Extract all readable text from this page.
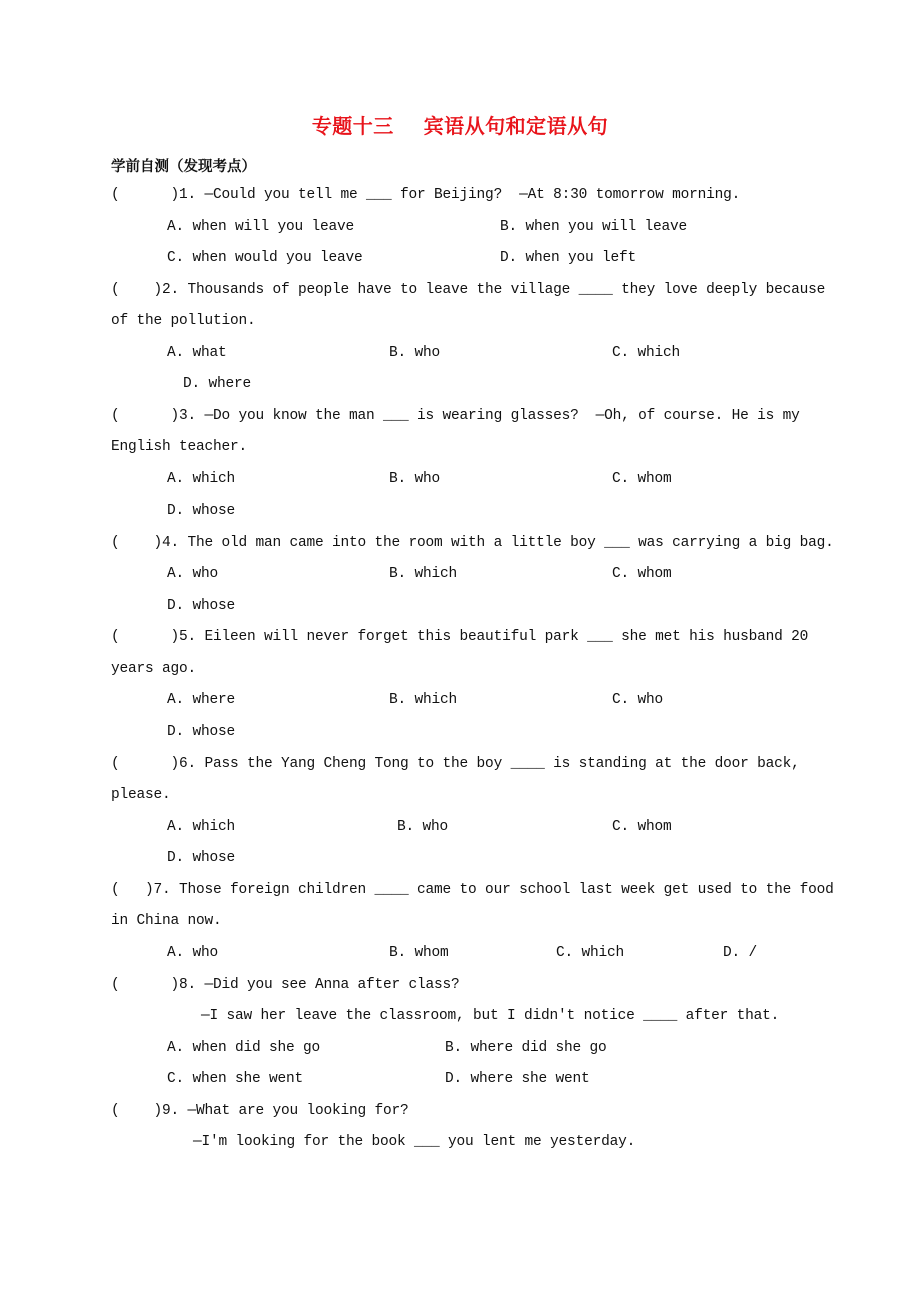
专题十三    宾语从句和定语从句
学前自测（发现考点）
(      )1. —Could you tell me ___ for Beijing?  —At 8:30 tomorrow morning.
A. when will you leave	B. when you will leave
C. when would you leave	D. when you left
(    )2. Thousands of people have to leave the village ____ they love deeply because
of the pollution.
A. what	B. who	C. which
D. where
(      )3. —Do you know the man ___ is wearing glasses?  —Oh, of course. He is my
English teacher.
A. which	B. who	C. whom
D. whose
(    )4. The old man came into the room with a little boy ___ was carrying a big bag.
A. who	B. which	C. whom
D. whose
(      )5. Eileen will never forget this beautiful park ___ she met his husband 20
years ago.
A. where	B. which	C. who
D. whose
(      )6. Pass the Yang Cheng Tong to the boy ____ is standing at the door back,
please.
A. which	B. who	C. whom
D. whose
(   )7. Those foreign children ____ came to our school last week get used to the food
in China now.
A. who	B. whom	C. which	D. /
(      )8. —Did you see Anna after class?
—I saw her leave the classroom, but I didn't notice ____ after that.
A. when did she go	B. where did she go
C. when she went	D. where she went
(    )9. —What are you looking for?
—I'm looking for the book ___ you lent me yesterday.
